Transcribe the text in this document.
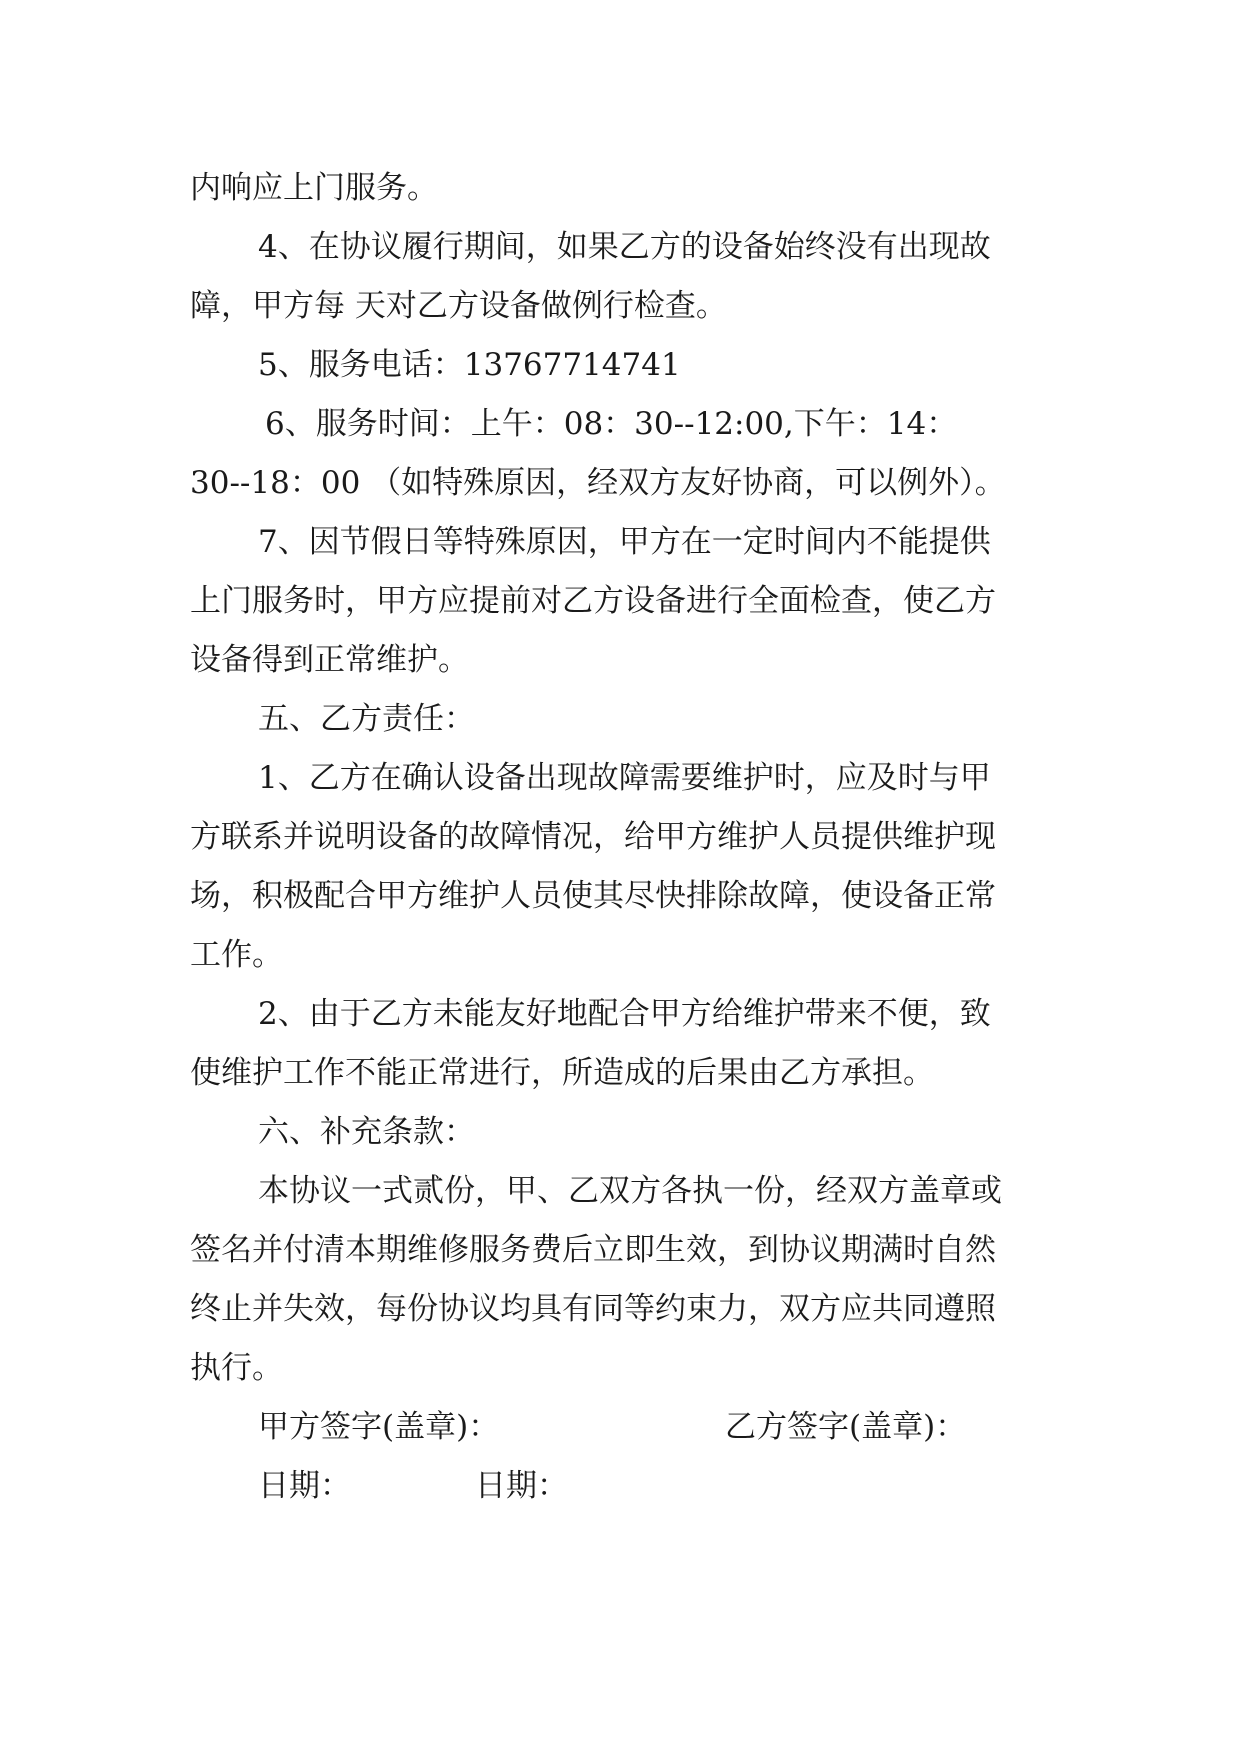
内响应上门服务。
4、在协议履行期间，如果乙方的设备始终没有出现故
障，甲方每 天对乙方设备做例行检查。
5、服务电话：13767714741
6、服务时间：上午：08：30--12:00,下午：14：
30--18：00 （如特殊原因，经双方友好协商，可以例外）。
7、因节假日等特殊原因，甲方在一定时间内不能提供
上门服务时，甲方应提前对乙方设备进行全面检查，使乙方
设备得到正常维护。
五、乙方责任：
1、乙方在确认设备出现故障需要维护时，应及时与甲
方联系并说明设备的故障情况，给甲方维护人员提供维护现
场，积极配合甲方维护人员使其尽快排除故障，使设备正常
工作。
2、由于乙方未能友好地配合甲方给维护带来不便，致
使维护工作不能正常进行，所造成的后果由乙方承担。
六、补充条款：
本协议一式贰份，甲、乙双方各执一份，经双方盖章或
签名并付清本期维修服务费后立即生效，到协议期满时自然
终止并失效，每份协议均具有同等约束力，双方应共同遵照
执行。
甲方签字(盖章)：	乙方签字(盖章)：
日期：	日期：
